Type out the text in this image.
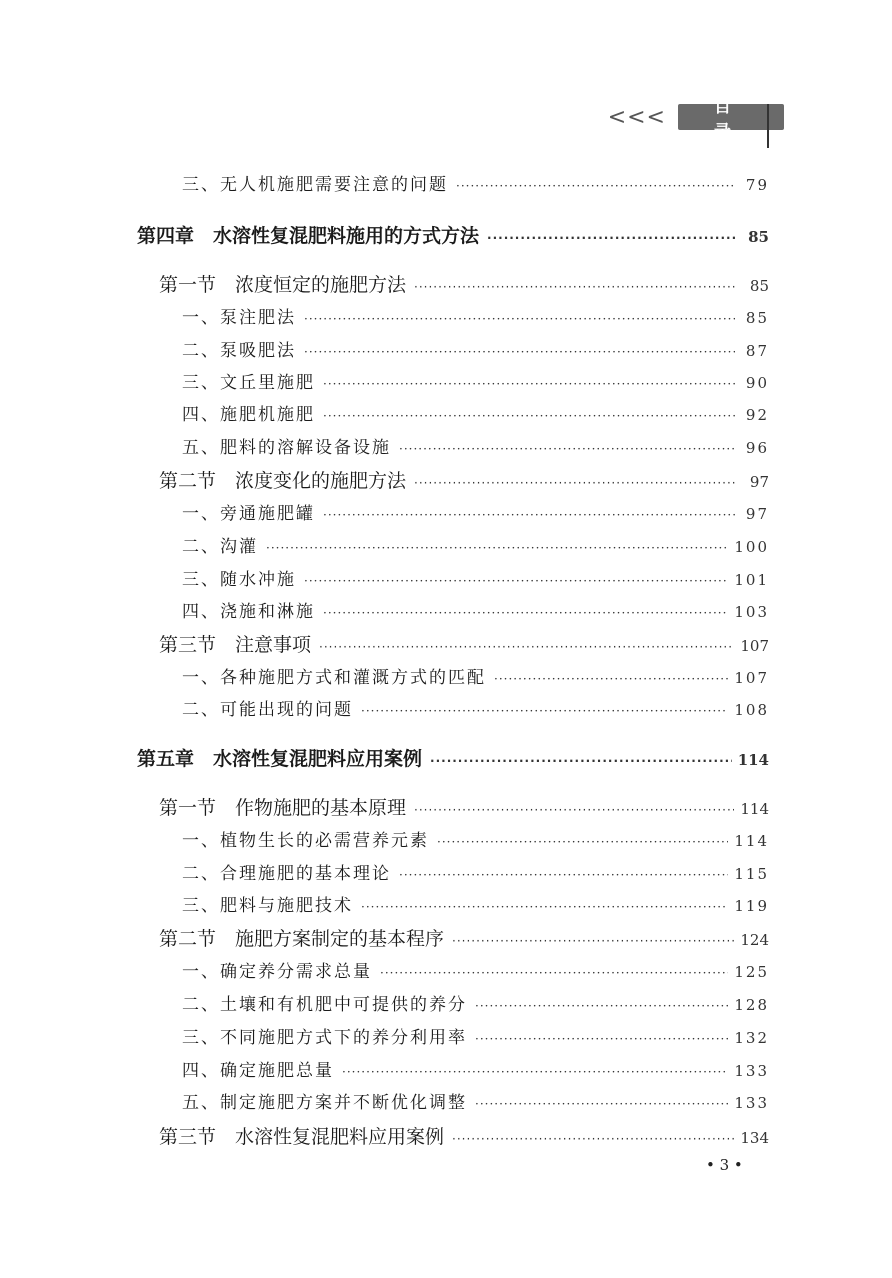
<<<	目 录
三、无人机施肥需要注意的问题 ·····	79
第四章　水溶性复混肥料施用的方式方法 ·····	85
第一节　浓度恒定的施肥方法 ·····	85
一、泵注肥法 ·····	85
二、泵吸肥法 ·····	87
三、文丘里施肥 ·····	90
四、施肥机施肥 ·····	92
五、肥料的溶解设备设施 ·····	96
第二节　浓度变化的施肥方法 ·····	97
一、旁通施肥罐 ·····	97
二、沟灌 ·····	100
三、随水冲施 ·····	101
四、浇施和淋施 ·····	103
第三节　注意事项 ·····	107
一、各种施肥方式和灌溉方式的匹配 ·····	107
二、可能出现的问题 ·····	108
第五章　水溶性复混肥料应用案例 ·····	114
第一节　作物施肥的基本原理 ·····	114
一、植物生长的必需营养元素 ·····	114
二、合理施肥的基本理论 ·····	115
三、肥料与施肥技术 ·····	119
第二节　施肥方案制定的基本程序 ·····	124
一、确定养分需求总量 ·····	125
二、土壤和有机肥中可提供的养分 ·····	128
三、不同施肥方式下的养分利用率 ·····	132
四、确定施肥总量 ·····	133
五、制定施肥方案并不断优化调整 ·····	133
第三节　水溶性复混肥料应用案例 ·····	134
• 3 •
